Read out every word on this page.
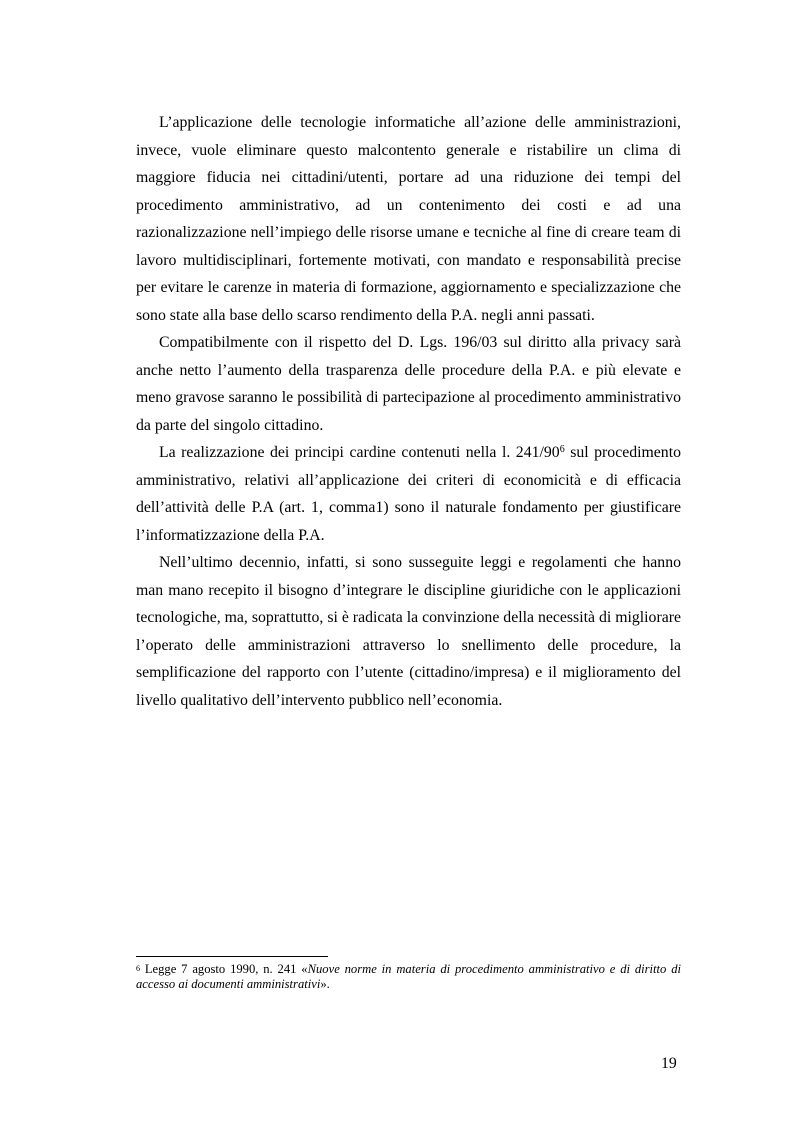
L’applicazione delle tecnologie informatiche all’azione delle amministrazioni, invece, vuole eliminare questo malcontento generale e ristabilire un clima di maggiore fiducia nei cittadini/utenti, portare ad una riduzione dei tempi del procedimento amministrativo, ad un contenimento dei costi e ad una razionalizzazione nell’impiego delle risorse umane e tecniche al fine di creare team di lavoro multidisciplinari, fortemente motivati, con mandato e responsabilità precise per evitare le carenze in materia di formazione, aggiornamento e specializzazione che sono state alla base dello scarso rendimento della P.A. negli anni passati.

Compatibilmente con il rispetto del D. Lgs. 196/03 sul diritto alla privacy sarà anche netto l’aumento della trasparenza delle procedure della P.A. e più elevate e meno gravose saranno le possibilità di partecipazione al procedimento amministrativo da parte del singolo cittadino.

La realizzazione dei principi cardine contenuti nella l. $241/90^6$ sul procedimento amministrativo, relativi all’applicazione dei criteri di economicità e di efficacia dell’attività delle P.A (art. 1, comma1) sono il naturale fondamento per giustificare l’informatizzazione della P.A.

Nell’ultimo decennio, infatti, si sono susseguite leggi e regolamenti che hanno man mano recepito il bisogno d’integrare le discipline giuridiche con le applicazioni tecnologiche, ma, soprattutto, si è radicata la convinzione della necessità di migliorare l’operato delle amministrazioni attraverso lo snellimento delle procedure, la semplificazione del rapporto con l’utente (cittadino/impresa) e il miglioramento del livello qualitativo dell’intervento pubblico nell’economia.

$^6$ Legge 7 agosto 1990, n. 241 «Nuove norme in materia di procedimento amministrativo e di diritto di accesso ai documenti amministrativi».
19
